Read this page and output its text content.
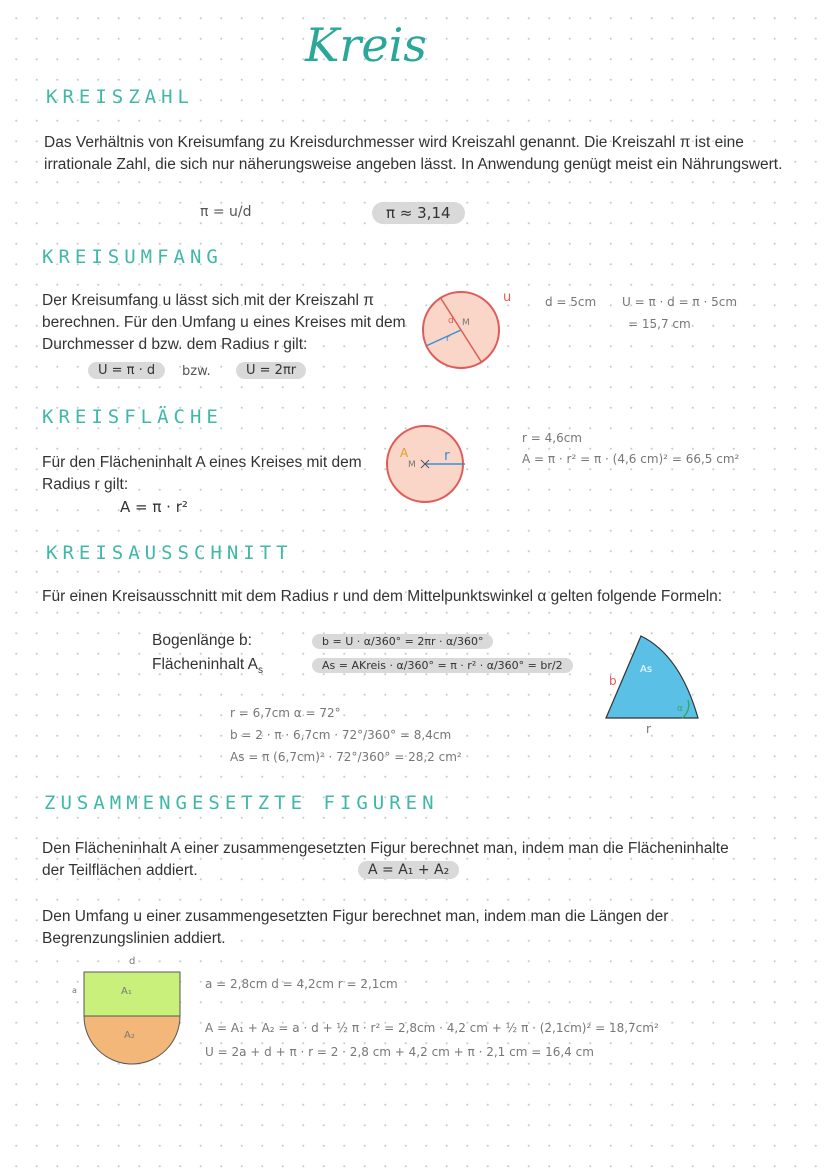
Kreis
KREISZAHL
Das Verhältnis von Kreisumfang zu Kreisdurchmesser wird Kreiszahl genannt. Die Kreiszahl π ist eine irrationale Zahl, die sich nur näherungsweise angeben lässt. In Anwendung genügt meist ein Nährungswert.
π = u/d	π ≈ 3,14
KREISUMFANG
Der Kreisumfang u lässt sich mit der Kreiszahl π berechnen. Für den Umfang u eines Kreises mit dem Durchmesser d bzw. dem Radius r gilt:
U = π · d	bzw.	U = 2πr
d M
r
u	d = 5cm U = π · d = π · 5cm
= 15,7 cm
KREISFLÄCHE
Für den Flächeninhalt A eines Kreises mit dem Radius r gilt:
A = π · r²
A
M
r
r = 4,6cm
A = π · r² = π · (4,6 cm)² = 66,5 cm²
KREISAUSSCHNITT
Für einen Kreisausschnitt mit dem Radius r und dem Mittelpunktswinkel α gelten folgende Formeln:
Bogenlänge b:
Flächeninhalt $A_s$
b = U · α/360° = 2πr · α/360°
As = AKreis · α/360° = π · r² · α/360° = br/2
r = 6,7cm α = 72°
b = 2 · π · 6,7cm · 72°/360° = 8,4cm
As = π (6,7cm)² · 72°/360° = 28,2 cm²
b
As
r
α
ZUSAMMENGESETZTE FIGUREN
Den Flächeninhalt A einer zusammengesetzten Figur berechnet man, indem man die Flächeninhalte der Teilflächen addiert.	A = A₁ + A₂
Den Umfang u einer zusammengesetzten Figur berechnet man, indem man die Längen der Begrenzungslinien addiert.
d
a	A₁
A₂
a = 2,8cm d = 4,2cm r = 2,1cm
A = A₁ + A₂ = a · d + ½ π · r² = 2,8cm · 4,2 cm + ½ π · (2,1cm)² = 18,7cm²
U = 2a + d + π · r = 2 · 2,8 cm + 4,2 cm + π · 2,1 cm = 16,4 cm
